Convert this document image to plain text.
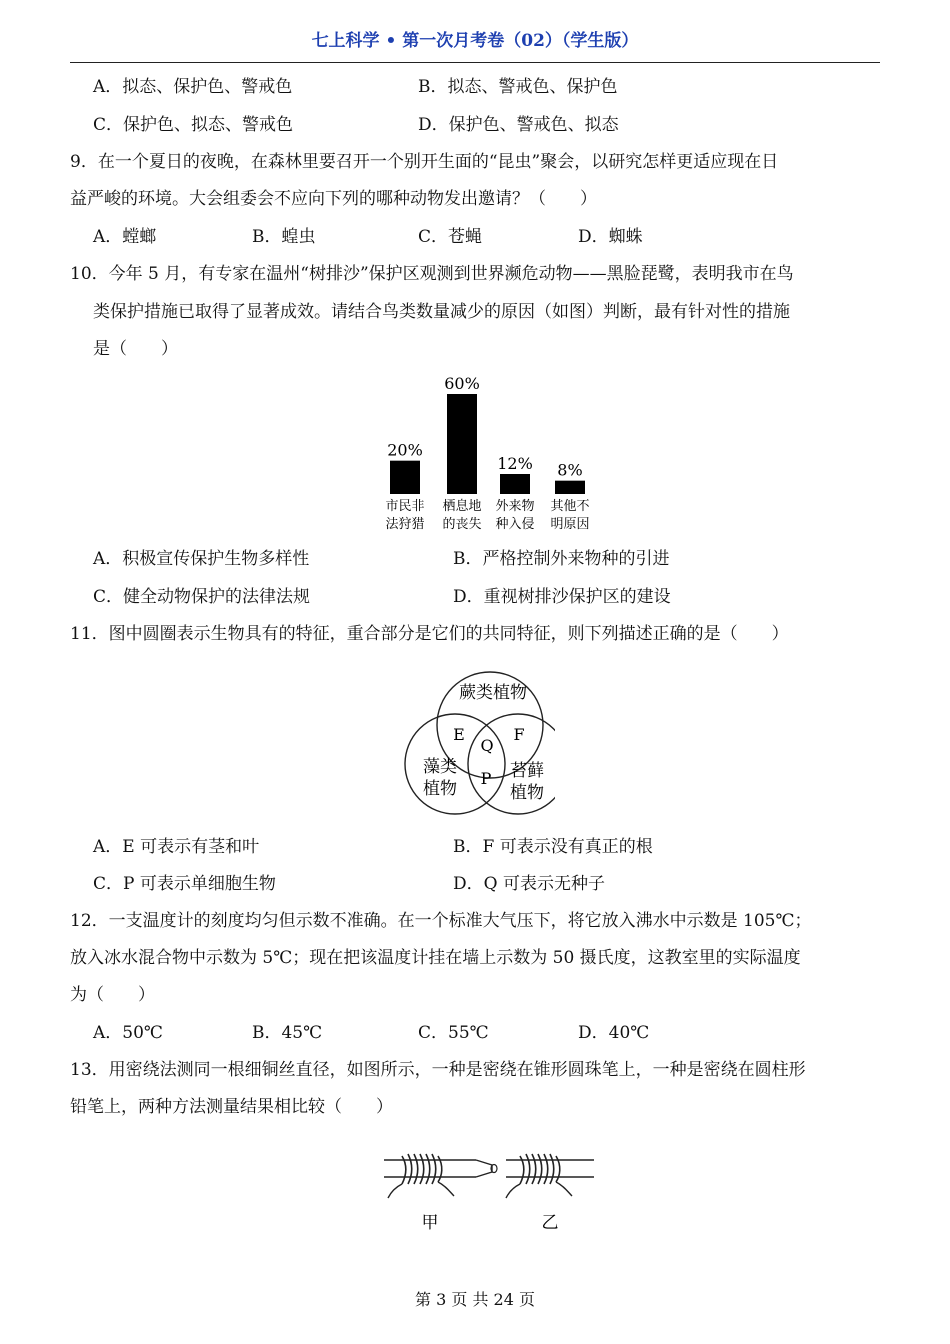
七上科学 • 第一次月考卷（02）（学生版）
A．拟态、保护色、警戒色	B．拟态、警戒色、保护色
C．保护色、拟态、警戒色	D．保护色、警戒色、拟态
9．在一个夏日的夜晚，在森林里要召开一个别开生面的“昆虫”聚会，以研究怎样更适应现在日
益严峻的环境。大会组委会不应向下列的哪种动物发出邀请？（　　）
A．螳螂	B．蝗虫	C．苍蝇	D．蜘蛛
10．今年 5 月，有专家在温州“树排沙”保护区观测到世界濒危动物——黑脸琵鹭，表明我市在鸟
类保护措施已取得了显著成效。请结合鸟类数量减少的原因（如图）判断，最有针对性的措施
是（　　）
20%
市民非
法狩猎
60%
栖息地
的丧失
12%
外来物
种入侵
8%
其他不
明原因
A．积极宣传保护生物多样性	B．严格控制外来物种的引进
C．健全动物保护的法律法规	D．重视树排沙保护区的建设
11．图中圆圈表示生物具有的特征，重合部分是它们的共同特征，则下列描述正确的是（　　）
蕨类植物
藻类
植物
苔藓
植物
E	F
Q
P
A．E 可表示有茎和叶	B．F 可表示没有真正的根
C．P 可表示单细胞生物	D．Q 可表示无种子
12．一支温度计的刻度均匀但示数不准确。在一个标准大气压下，将它放入沸水中示数是 105℃；
放入冰水混合物中示数为 5℃；现在把该温度计挂在墙上示数为 50 摄氏度，这教室里的实际温度
为（　　）
A．50℃	B．45℃	C．55℃	D．40℃
13．用密绕法测同一根细铜丝直径，如图所示，一种是密绕在锥形圆珠笔上，一种是密绕在圆柱形
铅笔上，两种方法测量结果相比较（　　）
甲	乙
第 3 页 共 24 页
